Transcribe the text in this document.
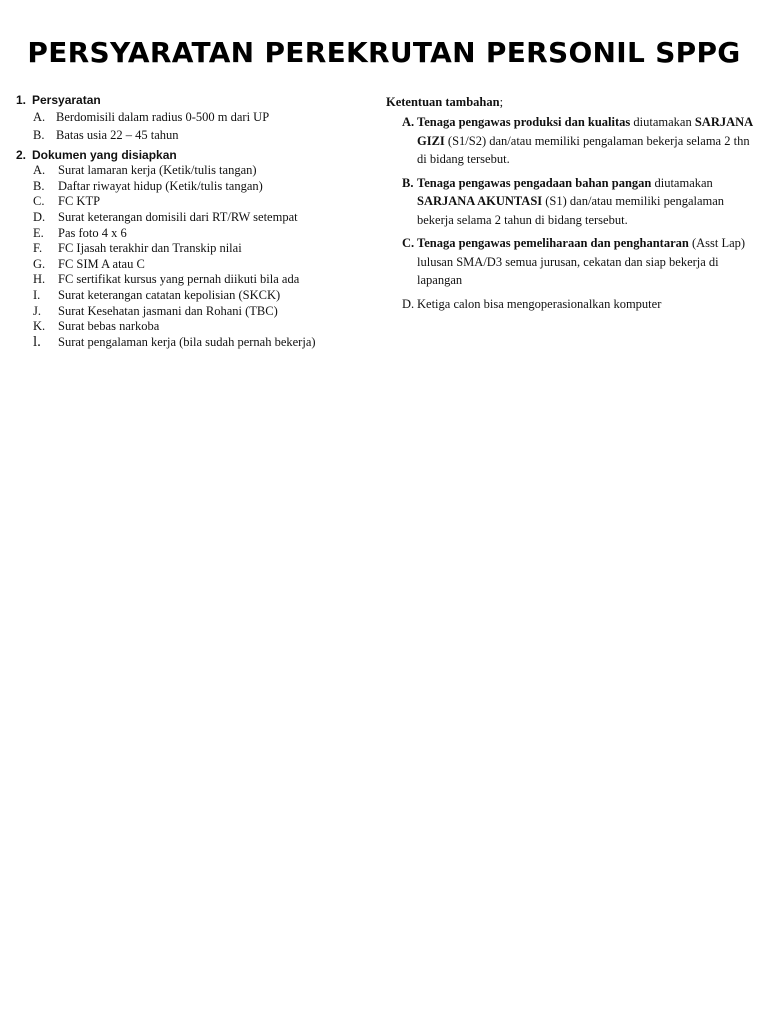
PERSYARATAN PEREKRUTAN PERSONIL SPPG
1. Persyaratan
A. Berdomisili dalam radius 0-500 m dari UP
B. Batas usia 22 – 45 tahun
2. Dokumen yang disiapkan
A.	Surat lamaran kerja (Ketik/tulis tangan)
B.	Daftar riwayat hidup (Ketik/tulis tangan)
C.	FC KTP
D.	Surat keterangan domisili dari RT/RW setempat
E.	Pas foto 4 x 6
F.	FC Ijasah terakhir dan Transkip nilai
G.	FC SIM A atau C
H.	FC sertifikat kursus yang pernah diikuti bila ada
I.	Surat keterangan catatan kepolisian (SKCK)
J.	Surat Kesehatan jasmani dan Rohani (TBC)
K.	Surat bebas narkoba
l.	Surat pengalaman kerja (bila sudah pernah bekerja)
Ketentuan tambahan;
A. Tenaga pengawas produksi dan kualitas diutamakan SARJANA GIZI (S1/S2) dan/atau memiliki pengalaman bekerja selama 2 thn di bidang tersebut.
B. Tenaga pengawas pengadaan bahan pangan diutamakan SARJANA AKUNTASI (S1) dan/atau memiliki pengalaman bekerja selama 2 tahun di bidang tersebut.
C. Tenaga pengawas pemeliharaan dan penghantaran (Asst Lap) lulusan SMA/D3 semua jurusan, cekatan dan siap bekerja di lapangan
D. Ketiga calon bisa mengoperasionalkan komputer
